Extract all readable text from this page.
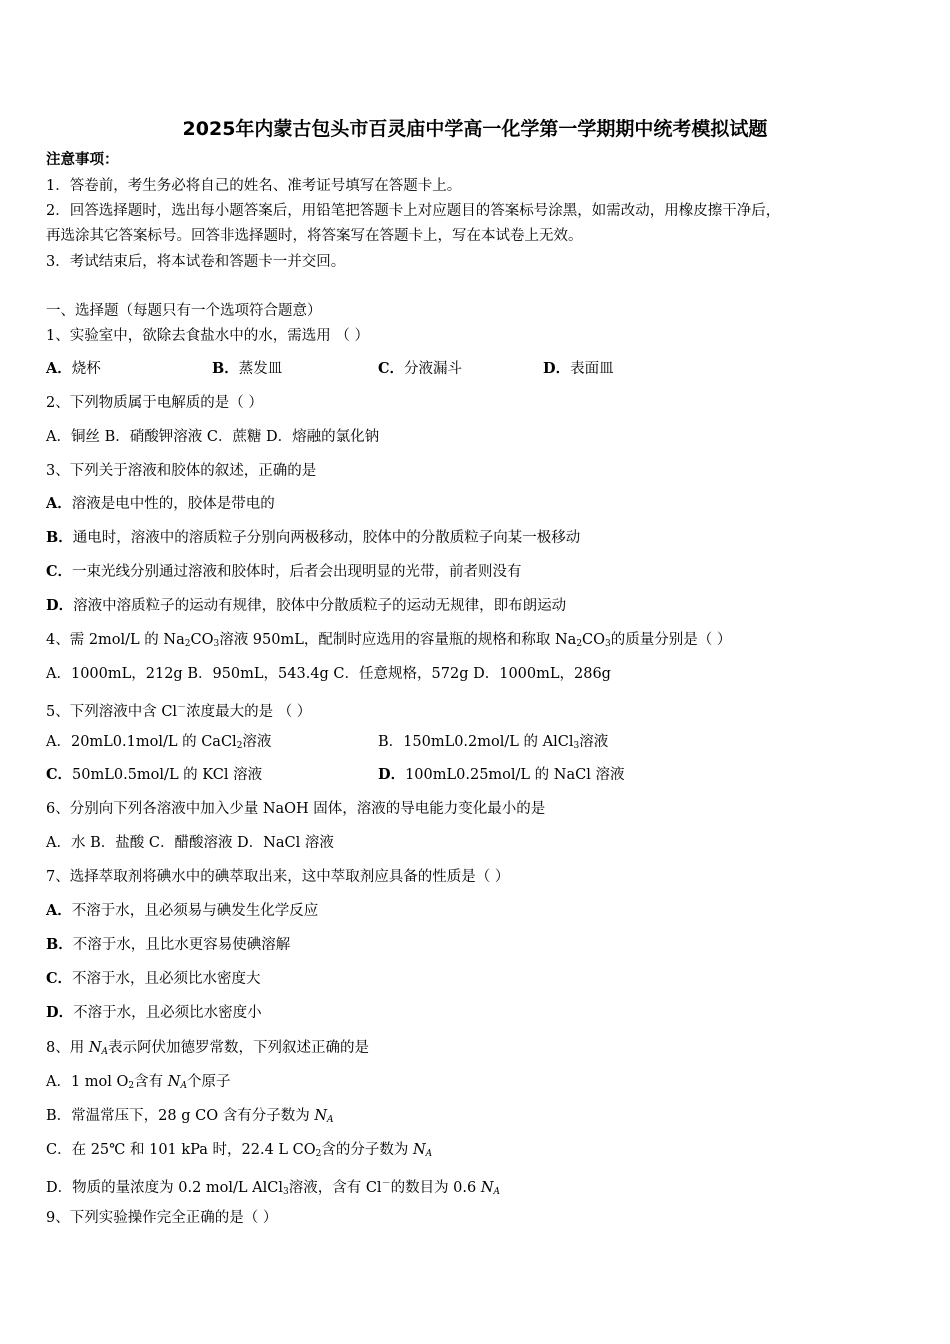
2025年内蒙古包头市百灵庙中学高一化学第一学期期中统考模拟试题
注意事项：
1．答卷前，考生务必将自己的姓名、准考证号填写在答题卡上。
2．回答选择题时，选出每小题答案后，用铅笔把答题卡上对应题目的答案标号涂黑，如需改动，用橡皮擦干净后，
再选涂其它答案标号。回答非选择题时，将答案写在答题卡上，写在本试卷上无效。
3．考试结束后，将本试卷和答题卡一并交回。
一、选择题（每题只有一个选项符合题意）
1、实验室中，欲除去食盐水中的水，需选用 （ ）
A．烧杯	B．蒸发皿	C．分液漏斗	D．表面皿
2、下列物质属于电解质的是（ ）
A．铜丝 B．硝酸钾溶液 C．蔗糖 D．熔融的氯化钠
3、下列关于溶液和胶体的叙述，正确的是
A．溶液是电中性的，胶体是带电的
B．通电时，溶液中的溶质粒子分别向两极移动，胶体中的分散质粒子向某一极移动
C．一束光线分别通过溶液和胶体时，后者会出现明显的光带，前者则没有
D．溶液中溶质粒子的运动有规律，胶体中分散质粒子的运动无规律，即布朗运动
4、需 2mol/L 的 $Na_2CO_3$溶液 950mL，配制时应选用的容量瓶的规格和称取 $Na_2CO_3$的质量分别是（ ）
A．1000mL，212g B．950mL，543.4g C．任意规格，572g D．1000mL，286g
5、下列溶液中含 Cl－浓度最大的是 （ ）
A．20mL0.1mol/L 的 CaCl$_2$溶液	B．150mL0.2mol/L 的 AlCl$_3$溶液
C．50mL0.5mol/L 的 KCl 溶液	D．100mL0.25mol/L 的 NaCl 溶液
6、分别向下列各溶液中加入少量 NaOH 固体，溶液的导电能力变化最小的是
A．水 B．盐酸 C．醋酸溶液 D．NaCl 溶液
7、选择萃取剂将碘水中的碘萃取出来，这中萃取剂应具备的性质是（ ）
A．不溶于水，且必须易与碘发生化学反应
B．不溶于水，且比水更容易使碘溶解
C．不溶于水，且必须比水密度大
D．不溶于水，且必须比水密度小
8、用 $N_A$表示阿伏加德罗常数，下列叙述正确的是
A．1 mol $O_2$含有 $N_A$个原子
B．常温常压下，28 g CO 含有分子数为 $N_A$
C．在 25℃ 和 101 kPa 时，22.4 L $CO_2$含的分子数为 $N_A$
D．物质的量浓度为 0.2 mol/L AlCl$_3$溶液，含有 Cl－的数目为 0.6 $N_A$
9、下列实验操作完全正确的是（ ）
